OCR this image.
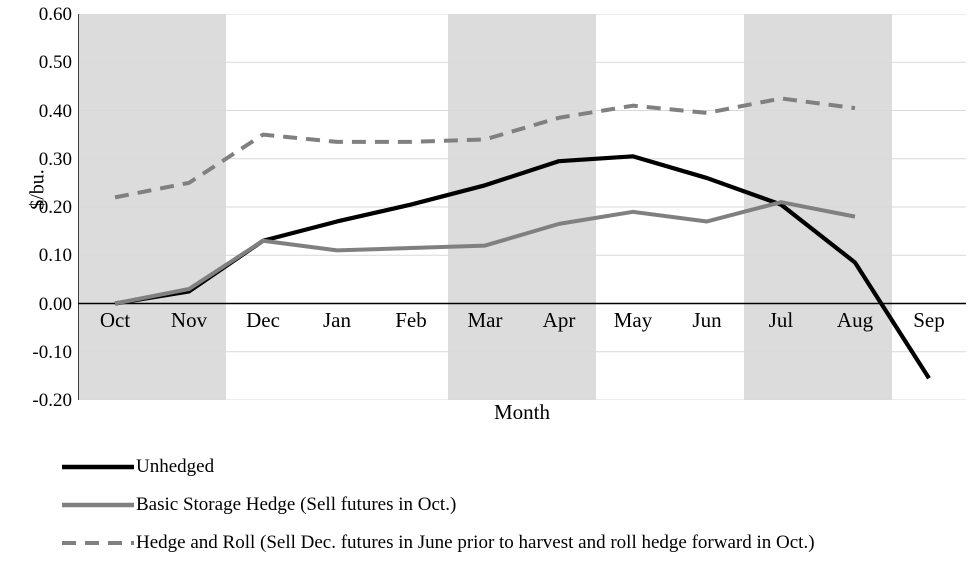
$/bu.
0.60
0.50
0.40
0.30
0.20
0.10
0.00
-0.10
-0.20
Oct	Nov	Dec	Jan	Feb	Mar	Apr	May	Jun	Jul	Aug	Sep
Month
Unhedged
Basic Storage Hedge (Sell futures in Oct.)
Hedge and Roll (Sell Dec. futures in June prior to harvest and roll hedge forward in Oct.)
